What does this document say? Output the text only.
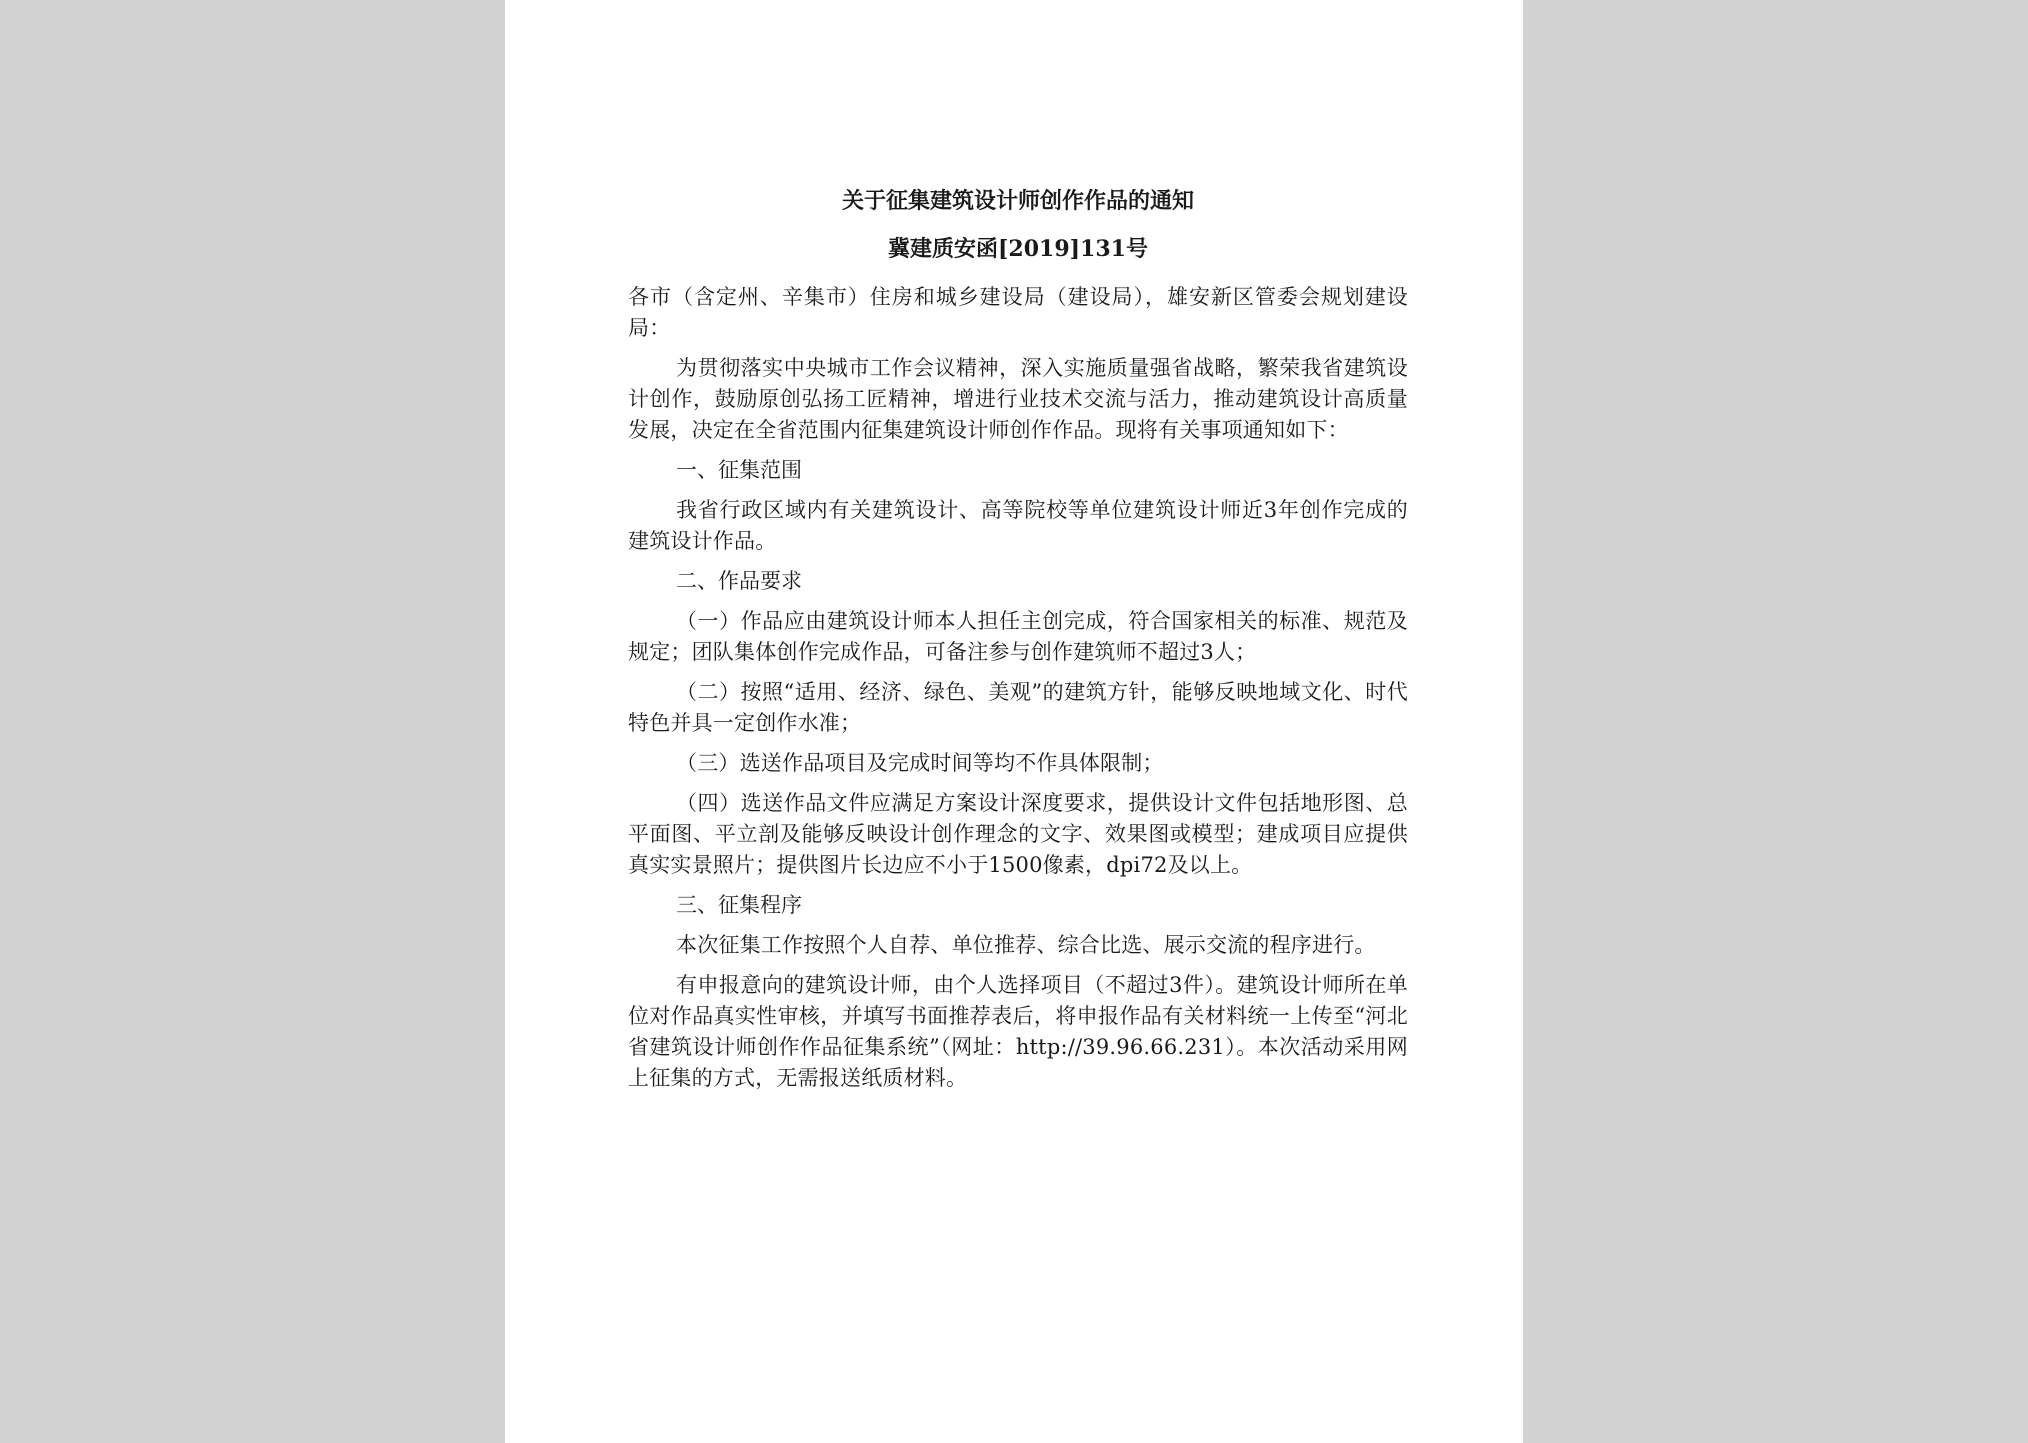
关于征集建筑设计师创作作品的通知

冀建质安函[2019]131号

各市（含定州、辛集市）住房和城乡建设局（建设局），雄安新区管委会规划建设局：

为贯彻落实中央城市工作会议精神，深入实施质量强省战略，繁荣我省建筑设计创作，鼓励原创弘扬工匠精神，增进行业技术交流与活力，推动建筑设计高质量发展，决定在全省范围内征集建筑设计师创作作品。现将有关事项通知如下：

一、征集范围

我省行政区域内有关建筑设计、高等院校等单位建筑设计师近3年创作完成的建筑设计作品。

二、作品要求

（一）作品应由建筑设计师本人担任主创完成，符合国家相关的标准、规范及规定；团队集体创作完成作品，可备注参与创作建筑师不超过3人；

（二）按照“适用、经济、绿色、美观”的建筑方针，能够反映地域文化、时代特色并具一定创作水准；

（三）选送作品项目及完成时间等均不作具体限制；

（四）选送作品文件应满足方案设计深度要求，提供设计文件包括地形图、总平面图、平立剖及能够反映设计创作理念的文字、效果图或模型；建成项目应提供真实实景照片；提供图片长边应不小于1500像素，dpi72及以上。

三、征集程序

本次征集工作按照个人自荐、单位推荐、综合比选、展示交流的程序进行。

有申报意向的建筑设计师，由个人选择项目（不超过3件）。建筑设计师所在单位对作品真实性审核，并填写书面推荐表后，将申报作品有关材料统一上传至“河北省建筑设计师创作作品征集系统”（网址：http://39.96.66.231）。本次活动采用网上征集的方式，无需报送纸质材料。
